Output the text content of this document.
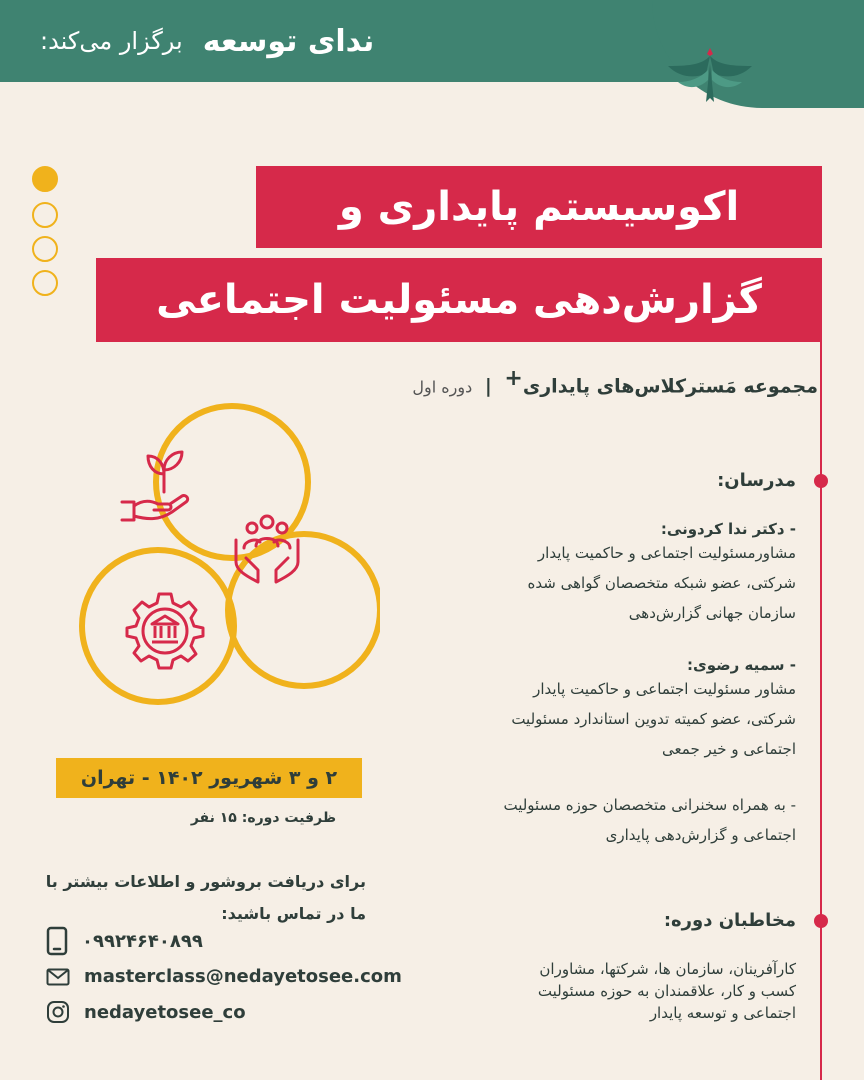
ندای توسعه
برگزار می‌کند:
اکوسیستم پایداری و
گزارش‌دهی مسئولیت اجتماعی
مجموعه مَسترکلاس‌های پایداری+ | دوره اول
مدرسان:
- دکتر ندا کردونی:
مشاورمسئولیت اجتماعی و حاکمیت پایدار
شرکتی، عضو شبکه متخصصان گواهی شده
سازمان جهانی گزارش‌دهی
- سمیه رضوی:
مشاور مسئولیت اجتماعی و حاکمیت پایدار
شرکتی، عضو کمیته تدوین استاندارد مسئولیت
اجتماعی و خیر جمعی
- به همراه سخنرانی متخصصان حوزه مسئولیت
اجتماعی و گزارش‌دهی پایداری
مخاطبان دوره:
کارآفرینان، سازمان ها، شرکتها، مشاوران
کسب و کار، علاقمندان به حوزه مسئولیت
اجتماعی و توسعه پایدار
۲ و ۳ شهریور ۱۴۰۲ - تهران
ظرفیت دوره: ۱۵ نفر
برای دریافت بروشور و اطلاعات بیشتر با
ما در تماس باشید:
۰۹۹۲۴۶۴۰۸۹۹
masterclass@nedayetosee.com
nedayetosee_co
